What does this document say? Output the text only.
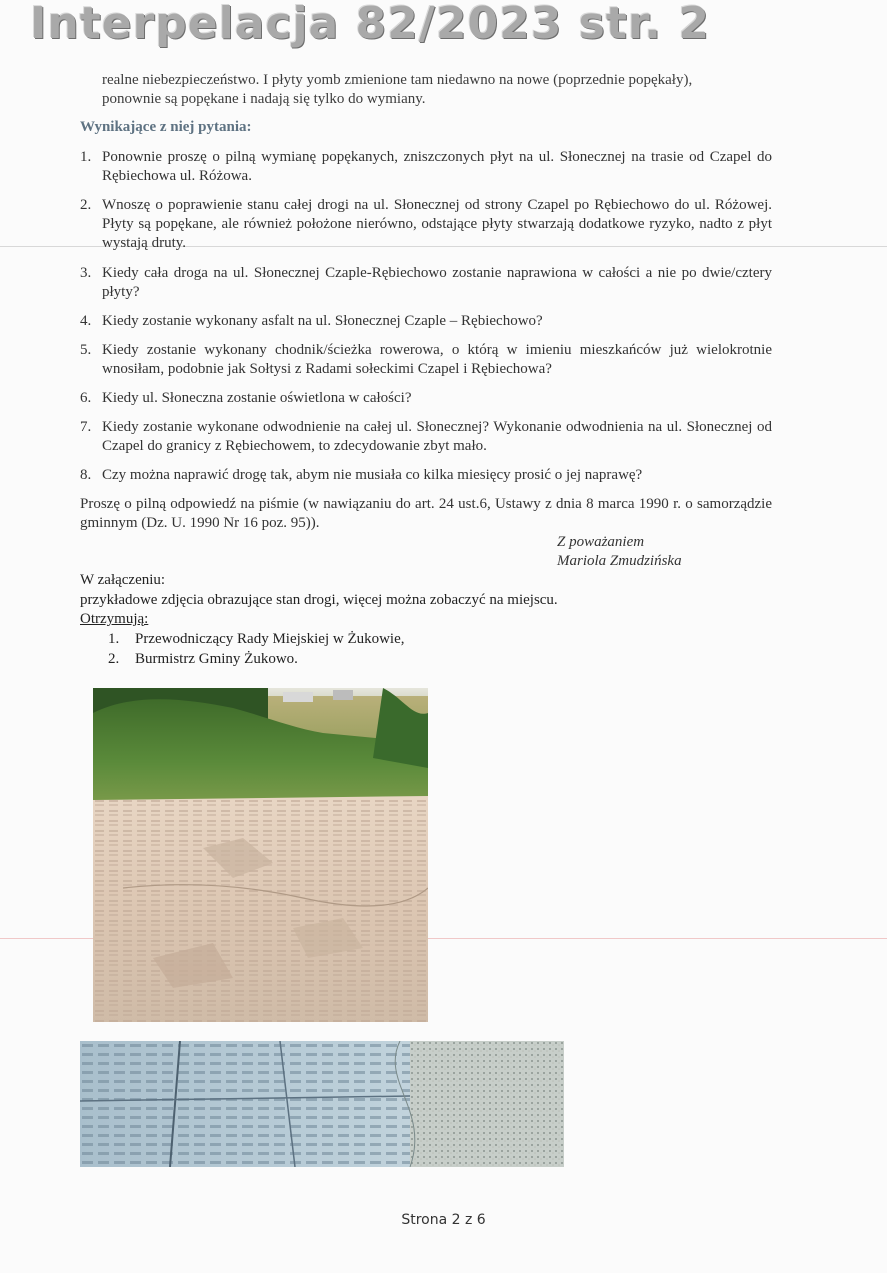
Interpelacja 82/2023 str. 2
realne niebezpieczeństwo. I płyty yomb zmienione tam niedawno na nowe (poprzednie popękały),
ponownie są popękane i nadają się tylko do wymiany.
Wynikające z niej pytania:
1. Ponownie proszę o pilną wymianę popękanych, zniszczonych płyt na ul. Słonecznej na trasie od Czapel do Rębiechowa ul. Różowa.
2. Wnoszę o poprawienie stanu całej drogi na ul. Słonecznej od strony Czapel po Rębiechowo do ul. Różowej. Płyty są popękane, ale również położone nierówno, odstające płyty stwarzają dodatkowe ryzyko, nadto z płyt wystają druty.
3. Kiedy cała droga na ul. Słonecznej Czaple-Rębiechowo zostanie naprawiona w całości a nie po dwie/cztery płyty?
4. Kiedy zostanie wykonany asfalt na ul. Słonecznej Czaple – Rębiechowo?
5. Kiedy zostanie wykonany chodnik/ścieżka rowerowa, o którą w imieniu mieszkańców już wielokrotnie wnosiłam, podobnie jak Sołtysi z Radami sołeckimi Czapel i Rębiechowa?
6. Kiedy ul. Słoneczna zostanie oświetlona w całości?
7. Kiedy zostanie wykonane odwodnienie na całej ul. Słonecznej? Wykonanie odwodnienia na ul. Słonecznej od Czapel do granicy z Rębiechowem, to zdecydowanie zbyt mało.
8. Czy można naprawić drogę tak, abym nie musiała co kilka miesięcy prosić o jej naprawę?
Proszę o pilną odpowiedź na piśmie (w nawiązaniu do art. 24 ust.6, Ustawy z dnia 8 marca 1990 r. o samorządzie gminnym (Dz. U. 1990 Nr 16 poz. 95)).
Z poważaniem
Mariola Zmudzińska
W załączeniu:
przykładowe zdjęcia obrazujące stan drogi, więcej można zobaczyć na miejscu.
Otrzymują:
1. Przewodniczący Rady Miejskiej w Żukowie,
2. Burmistrz Gminy Żukowo.
Strona 2 z 6
